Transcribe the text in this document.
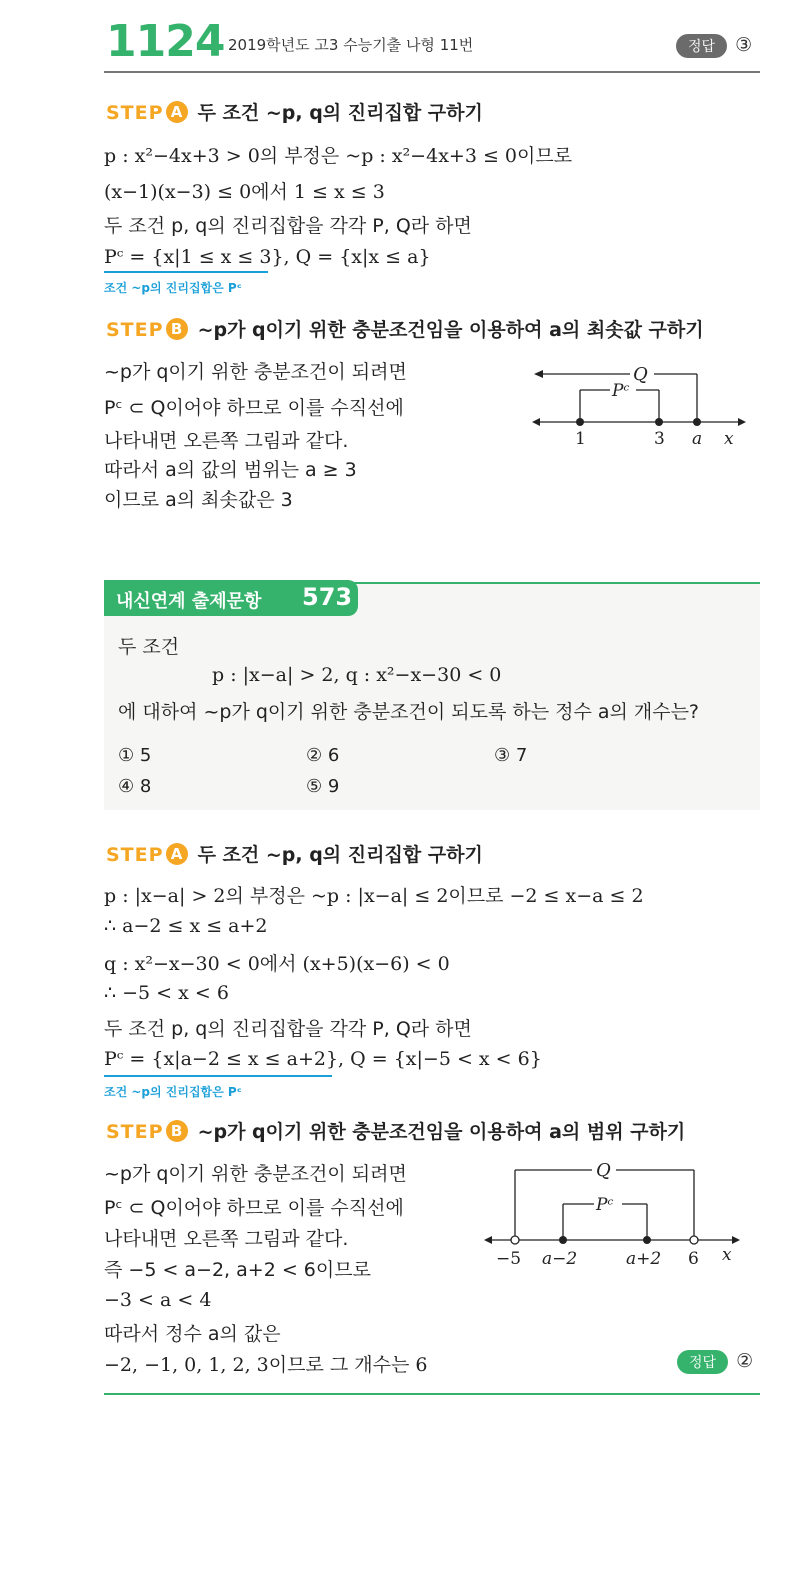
1124 2019학년도 고3 수능기출 나형 11번	정답 ③
STEP A 두 조건 ~p, q의 진리집합 구하기
p : x²−4x+3 > 0의 부정은 ~p : x²−4x+3 ≤ 0이므로
(x−1)(x−3) ≤ 0에서 1 ≤ x ≤ 3
두 조건 p, q의 진리집합을 각각 P, Q라 하면
Pᶜ = {x|1 ≤ x ≤ 3}, Q = {x|x ≤ a}
조건 ~p의 진리집합은 Pᶜ
STEP B ~p가 q이기 위한 충분조건임을 이용하여 a의 최솟값 구하기
~p가 q이기 위한 충분조건이 되려면
Pᶜ ⊂ Q이어야 하므로 이를 수직선에
나타내면 오른쪽 그림과 같다.
따라서 a의 값의 범위는 a ≥ 3
이므로 a의 최솟값은 3
Q
Pᶜ
1	3 a x
내신연계 출제문항 573
두 조건
p : |x−a| > 2, q : x²−x−30 < 0
에 대하여 ~p가 q이기 위한 충분조건이 되도록 하는 정수 a의 개수는?
① 5	② 6	③ 7
④ 8	⑤ 9
STEP A 두 조건 ~p, q의 진리집합 구하기
p : |x−a| > 2의 부정은 ~p : |x−a| ≤ 2이므로 −2 ≤ x−a ≤ 2
∴ a−2 ≤ x ≤ a+2
q : x²−x−30 < 0에서 (x+5)(x−6) < 0
∴ −5 < x < 6
두 조건 p, q의 진리집합을 각각 P, Q라 하면
Pᶜ = {x|a−2 ≤ x ≤ a+2}, Q = {x|−5 < x < 6}
조건 ~p의 진리집합은 Pᶜ
STEP B ~p가 q이기 위한 충분조건임을 이용하여 a의 범위 구하기
~p가 q이기 위한 충분조건이 되려면
Pᶜ ⊂ Q이어야 하므로 이를 수직선에
나타내면 오른쪽 그림과 같다.
즉 −5 < a−2, a+2 < 6이므로
−3 < a < 4
따라서 정수 a의 값은
−2, −1, 0, 1, 2, 3이므로 그 개수는 6
Q
Pᶜ
−5 a−2	a+2 6 x
정답 ②
